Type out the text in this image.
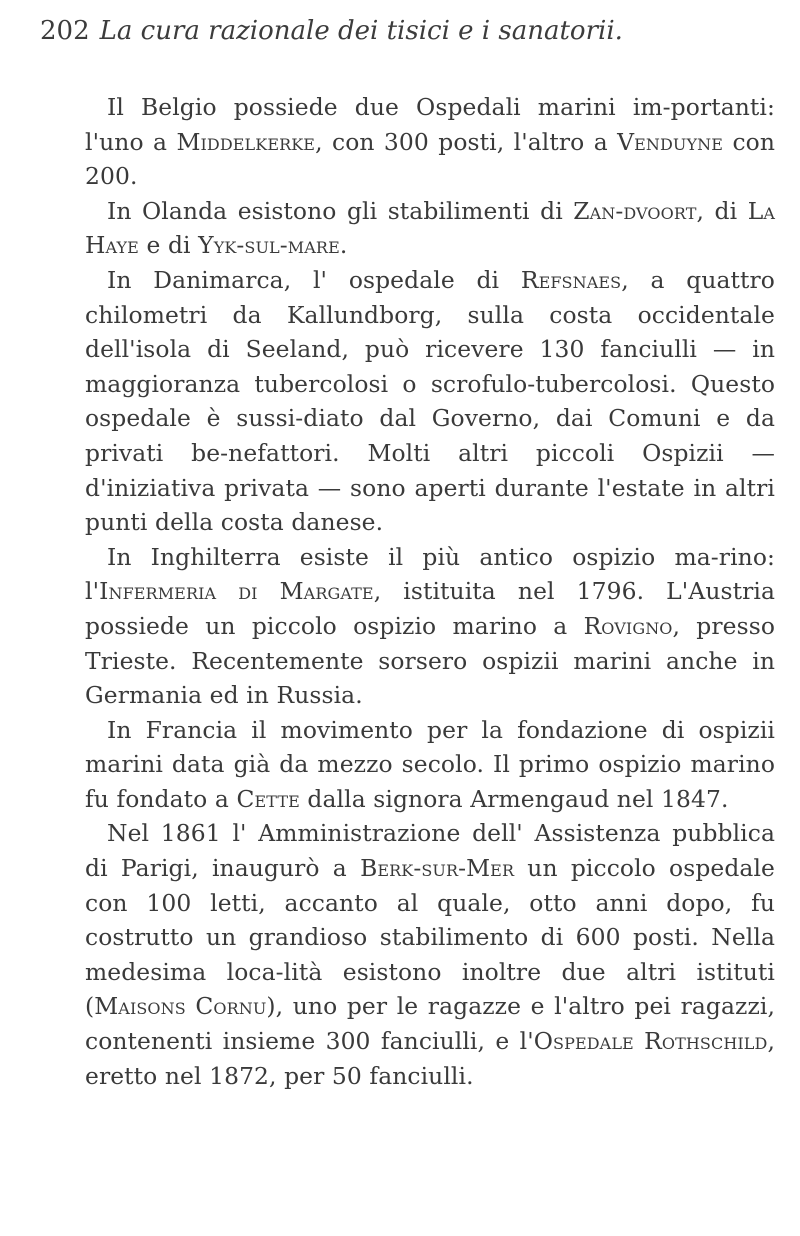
202 La cura razionale dei tisici e i sanatorii.

Il Belgio possiede due Ospedali marini im-portanti: l'uno a Middelkerke, con 300 posti, l'altro a Venduyne con 200.

In Olanda esistono gli stabilimenti di Zan-dvoort, di La Haye e di Yyk-sul-mare.

In Danimarca, l' ospedale di Refsnaes, a quattro chilometri da Kallundborg, sulla costa occidentale dell'isola di Seeland, può ricevere 130 fanciulli — in maggioranza tubercolosi o scrofulo-tubercolosi. Questo ospedale è sussi-diato dal Governo, dai Comuni e da privati be-nefattori. Molti altri piccoli Ospizii — d'iniziativa privata — sono aperti durante l'estate in altri punti della costa danese.

In Inghilterra esiste il più antico ospizio ma-rino: l'Infermeria di Margate, istituita nel 1796. L'Austria possiede un piccolo ospizio marino a Rovigno, presso Trieste. Recentemente sorsero ospizii marini anche in Germania ed in Russia.

In Francia il movimento per la fondazione di ospizii marini data già da mezzo secolo. Il primo ospizio marino fu fondato a Cette dalla signora Armengaud nel 1847.

Nel 1861 l' Amministrazione dell' Assistenza pubblica di Parigi, inaugurò a Berk-sur-Mer un piccolo ospedale con 100 letti, accanto al quale, otto anni dopo, fu costrutto un grandioso stabilimento di 600 posti. Nella medesima loca-lità esistono inoltre due altri istituti (Maisons Cornu), uno per le ragazze e l'altro pei ragazzi, contenenti insieme 300 fanciulli, e l'Ospedale Rothschild, eretto nel 1872, per 50 fanciulli.
